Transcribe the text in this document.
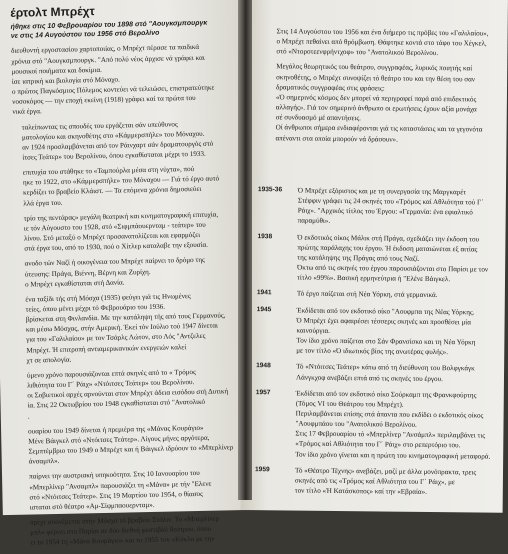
έρτολτ Μπρέχτ
ήθηκε στις 10 Φεβρουαρίου του 1898 στό "Αουγκσμπουργκ
νε στις 14 Αυγούστου του 1956 στό Βερολίνο
διευθυντή εργοστασίου χαρτοποιίας, ο Μπρέχτ πέρασε τα παιδικά
χρόνια στό "Αουγκσμπουργκ. "Από πολύ νέος άρχισε νά γράφει και
μουσικοί ποιήματα και δοκίμια.
ίσε ιατρική και βιολογία στό Μόναχο.
ο πρώτος Παγκόσμιος Πόλεμος κοντεύει νά τελειώσει, επιστρατεύτηκε
νοσοκόμος — την εποχή εκείνη (1918) γράφει καί τα πρώτα του
νικά έργα.
ταλείπωντας τις σπουδές του εργάζεται σάν υπεύθυνος
ματολογίου και σκηνοθέτης στο «Κάμμερσπήλε» του Μόναχου.
αν 1924 προσλαμβάνεται από τον Ράινχαρτ σάν δραματουργός στό
ίτσες Τεάτερ» του Βερολίνου, όπου εγκαθίσταται μέχρι το 1933.
επιτυχία του στάθηκε το «Ταμπούρλα μέσα στη νύχτα», πού
ηκε το 1922, στο «Κάμμερσπήλε» του Μόναχου — Γιά τό έργο αυτό
κερδίζει το βραβείο Κλάιστ. — Τα επόμενα χρόνια δημοσιεύει
λλά έργα του.
τρίο της πεντάρας» μεγάλη θεατρική και κινηματογραφική επιτυχία,
ιε τόν Αύγουστο του 1928, στό «Σιφμπάουερνταμ - τεάτερ» του
λίνου. Στό μεταξύ ο Μπρέχτ προσανατολίζεται και εφαρμόζει
στά έργα του, από το 1930, πού ο Χίτλερ καταλαβε την εξουσία.
ανοδο τών Ναζί ή οικογένεια του Μπρέχτ παίρνει το δρόμο της
ύτευσης: Πράγα, Βιέννη, Βέρνη και Ζυρίχη.
ο Μπρέχτ εγκαθίσταται στή Δανία.
ένα ταξίδι τής στή Μόσχα (1935) φεύγει γιά τις Ηνωμένες
τείες, όπου μένει μέχρι τό Φεβρουάριο του 1936.
βρίσκεται στη Φινλανδία. Με την κατάληψη τής από τους Γερμανούς,
και μέσω Μόσχας, στήν Αμερική. Έκεί τόν Ιούλιο τού 1947 δίνεται
για του «Γαλιλαίου» με τον Τσάρλς Λώτον, στο Λός "Αντζελες
Μπρέχτ. Ή επιτροπή αντιαμερικανικών ενεργειών καλεί
χτ σε απολογία.
ύμενο χρόνο παρουσιάζονται επτά σκηνές από το « Τρόμος
λιθιότητα του Γ΄ Ράιχ» «Ντόιτσες Τεάτερ» του Βερολίνου.
οι Σοβιετικοί αρχές αρνούνται στον Μπρέχτ άδεια εισόδου στή Δυτική
ία. Στις 22 Οκτωβρίου του 1948 εγκαθίσταται στό "Ανατολικό
.
ουαρίου του 1949 δίνεται ή πρεμιέρα της «Μάνας Κουράγιο»
Μένε Βάιγκελ στό «Ντόιτσες Τεάτερ». Λίγους μήνες αργότερα,
Σεμπτέμβριο του 1949 ο Μπρέχτ και ή Βάιγκελ ιδρύουν το «Μπερλίνερ
άνσαμπλ».
παίρνει την αυστριακή υπηκοότητα. Στις 10 Ιανουαρίου του
«Μπερλίνερ "Ανσαμπλ» παρουσιάζει τη «Μάνα» με τήν "Ελενε
στό «Ντόιτσες Τεάτερ». Στις 19 Μαρτίου του 1954, ο θίασος
ισταται στό θέατρο «Αμ-Σίφμπαουερνταμ».
πρέχτ απονέμεται στήν Μόσχα τό βραβείο Στάλιν. Το «Μπερλίνερ
μπλ» φέρνει στο Παρίσι σε δύο διεθνή φεστιβάλ θεάτρου, όπου
ει το 1954 τη «Μάνα Κουράγιο» και το 1955 τον «Κύκλο με την
Στις 14 Αυγούστου του 1956 και ένα διήμερο τις πρόβες του «Γαλιλαίου»,
ο Μπρέχτ πεθαίνει από θρόμβωση. Θάφτηκε κοντά στο τάφο του Χέγκελ,
στό «Ντοροτεενφρήντχοφ» του "Ανατολικού Βερολίνου.
Μεγάλος θεωρητικός του θεάτρου, συγγραφέας, λυρικός ποιητής καί
σκηνοθέτης, ο Μπρέχτ συνοψίζει τό θεάτρο του και την θέση του σαν
δραματικός συγγραφέας στις φράσεις:
«Ό σημερινός κόσμος δεν μπορεί νά περιγραφεί παρά από επιδεκτικός
αλλαγής». Γιά τον σημερινό άνθρωπο οι ερωτήσεις έχουν αξία μονάχα
σέ συνδυασμό μέ απαντήσεις.
Οί άνθρωποι σήμερα ενδιαφέρονται γιά τις καταστάσεις και τα γεγονότα
απέναντι στα οποία μπορούν νά δράσουν».
1935-36	Ό Μπρέχτ εξόριστος και με τη συνεργασία της Μαργκαρέτ
Στέφφιν γράφει τις 24 σκηνές του «Τρόμος καί Αθλιότητα τού Γ΄
Ράιχ». "Αρχικός τίτλος του Έργου: «Γερμανία: ένα εφιαλτικό
παραμύθι».
1938	Ό εκδοτικός οίκος Μάλικ στή Πράγα, σχεδιάζει την έκδοση του
πρώτης παράλαχης του έργου. Ή έκδοση ματαιώνεται εξ αιτίας
της κατάληψης της Πράγας από τους Ναζί.
Όκτω από τις σκηνές του έργου παρουσιάζονται στο Παρίσι με τον
τίτλο «99%». Βασική ερμηνεύτρια ή "Ελένε Βάιγκελ.
1941	Τό έργο παίζεται στή Νέα Υόρκη, στά γερμανικά.
1945	Έκδίδεται από τον εκδοτικό οίκο "Αουφμπα της Νέας Υόρκης.
Ό Μπρέχτ έχει αφαιρέσει τέσσερις σκηνές και προσθέσει μία
καινούργια.
Τον ίδιο χρόνο παίζεται στο Σάν Φρανσίσκο και τη Νέα Υόρκη
με τον τίτλο «Ό ιδιωτικός βίος της ανωτέρας φυλής».
1948	Τό «Ντόιτσες Τεάτερ» κάτω από τη διεύθυνση του Βολφγκάγκ
Λάνγκχοφ ανεβάζει επτά από τις σκηνές του έργου.
1957	Έκδίδεται από τον εκδοτικό οίκο Σούρκαμπ της Φρανκφούρτης
(Τόμος VI του Θεάτρου του Μπρέχτ).
Περιλαμβάνεται επίσης στά άπαντα που εκδίδει ο εκδοτικός οίκος
"Αουφμπάου του "Ανατολικού Βερολίνου.
Στις 17 Φεβρουαρίου τό «Μπερλίνερ "Ανσάμπλ» περιλαμβάνει τις
«Τρόμος καί Αθλιότητα του Γ΄ Ράιχ» στο ρεπερτόριο του.
Τον ίδιο χρόνο γίνεται και η πρώτη του κινηματογραφική μεταφορά.
1959	Τό «Θέατρο Τέχνης» ανεβάζει, μαζί με άλλα μονόπρακτα, τρεις
σκηνές από τις «Τρόμος καί Αθλιότητα του Γ΄ Ράιχ», με
τον τίτλο «Ή Κατάσκοπος» καί την «Εβραία».
